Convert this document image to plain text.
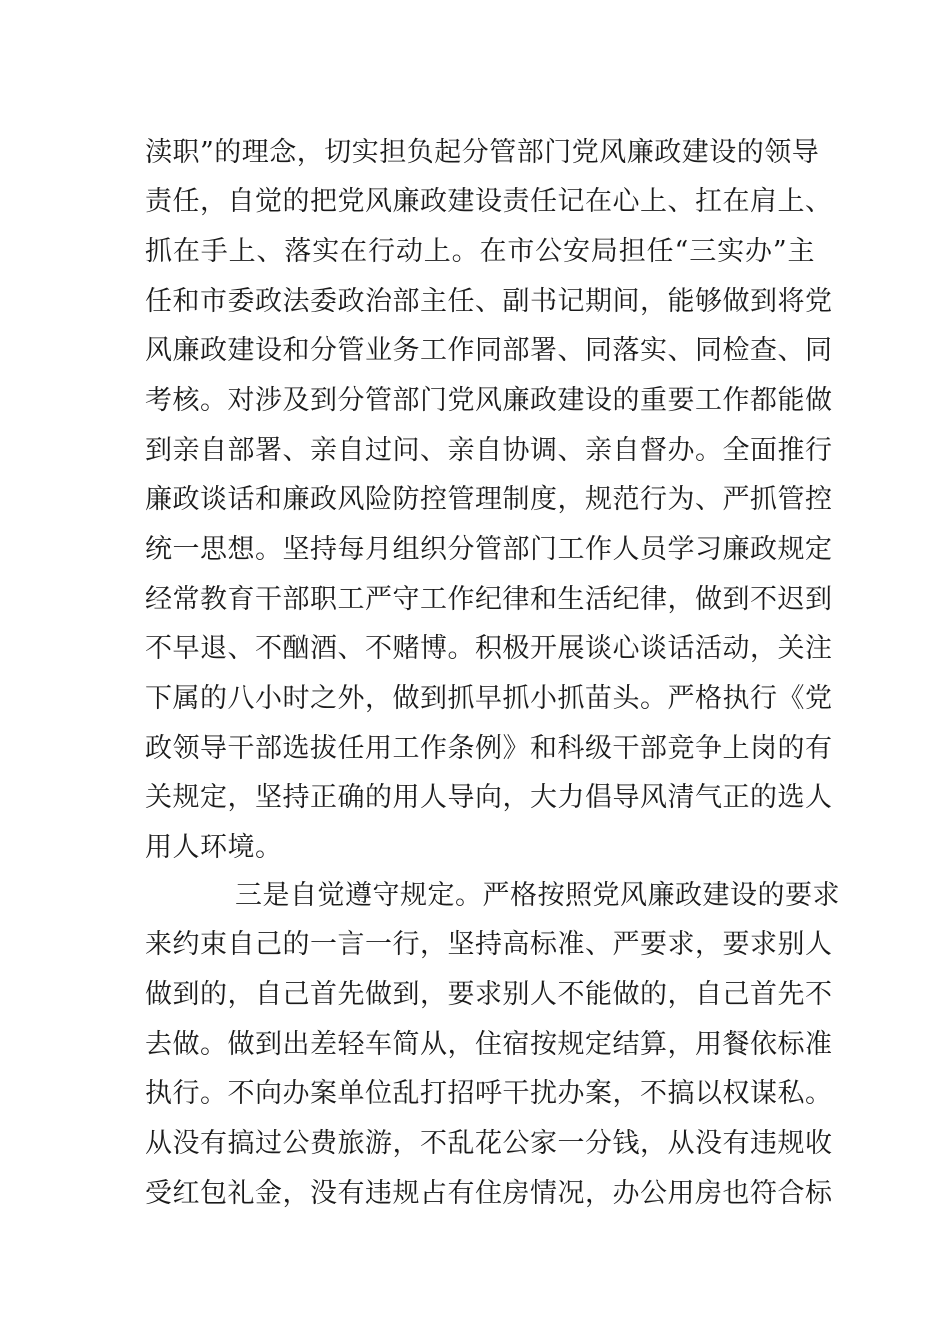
渎职”的理念，切实担负起分管部门党风廉政建设的领导
责任，自觉的把党风廉政建设责任记在心上、扛在肩上、
抓在手上、落实在行动上。在市公安局担任“三实办”主
任和市委政法委政治部主任、副书记期间，能够做到将党
风廉政建设和分管业务工作同部署、同落实、同检查、同
考核。对涉及到分管部门党风廉政建设的重要工作都能做
到亲自部署、亲自过问、亲自协调、亲自督办。全面推行
廉政谈话和廉政风险防控管理制度，规范行为、严抓管控
统一思想。坚持每月组织分管部门工作人员学习廉政规定
经常教育干部职工严守工作纪律和生活纪律，做到不迟到
不早退、不酗酒、不赌博。积极开展谈心谈话活动，关注
下属的八小时之外，做到抓早抓小抓苗头。严格执行《党
政领导干部选拔任用工作条例》和科级干部竞争上岗的有
关规定，坚持正确的用人导向，大力倡导风清气正的选人
用人环境。
三是自觉遵守规定。严格按照党风廉政建设的要求
来约束自己的一言一行，坚持高标准、严要求，要求别人
做到的，自己首先做到，要求别人不能做的，自己首先不
去做。做到出差轻车简从，住宿按规定结算，用餐依标准
执行。不向办案单位乱打招呼干扰办案，不搞以权谋私。
从没有搞过公费旅游，不乱花公家一分钱，从没有违规收
受红包礼金，没有违规占有住房情况，办公用房也符合标
